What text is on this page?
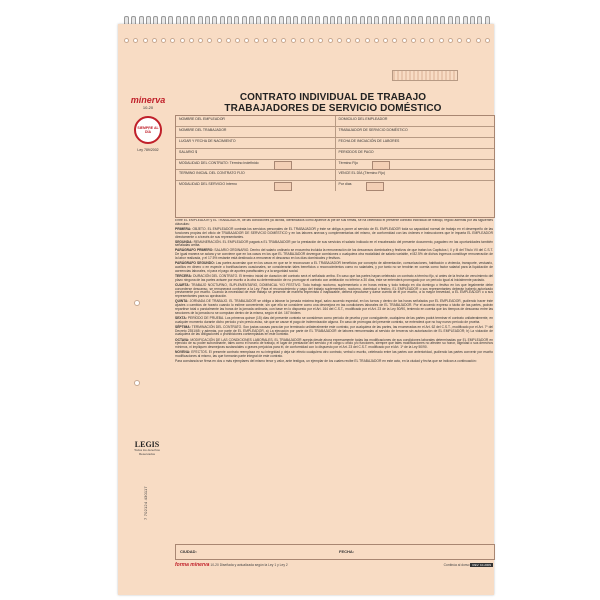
minerva
10-20
SIEMPRE AL DÍA
Ley 789/2002
LEGIS
Todos los derechos Reservados
7 702124 430117
CONTRATO INDIVIDUAL DE TRABAJO
TRABAJADORES DE SERVICIO DOMÉSTICO
NOMBRE DEL EMPLEADOR	DOMICILIO DEL EMPLEADOR
NOMBRE DEL TRABAJADOR	TRABAJADOR DE SERVICIO DOMÉSTICO
LUGAR Y FECHA DE NACIMIENTO	FECHA DE INICIACIÓN DE LABORES
SALARIO $	PERIODOS DE PAGO
MODALIDAD DEL CONTRATO: Término Indefinido	Término Fijo
TERMINO INICIAL DEL CONTRATO FIJO	VENCE EL DÍA (Término Fijo)
MODALIDAD DEL SERVICIO Interno	Por días

Entre EL EMPLEADOR y EL TRABAJADOR, de las condiciones ya dichas, identificados como aparece al pie de sus firmas, se ha celebrado el presente contrato individual de trabajo, regido además por las siguientes cláusulas:

PRIMERA: OBJETO. EL EMPLEADOR contrata los servicios personales de EL TRABAJADOR y éste se obliga a poner al servicio de EL EMPLEADOR toda su capacidad normal de trabajo en el desempeño de las funciones propias del oficio de TRABAJADOR DE SERVICIO DOMÉSTICO y en las labores anexas y complementarias del mismo, de conformidad con las órdenes e instrucciones que le imparta EL EMPLEADOR directamente o a través de sus representantes.

SEGUNDA: REMUNERACIÓN. EL EMPLEADOR pagará a EL TRABAJADOR por la prestación de sus servicios el salario indicado en el encabezado del presente documento, pagadero en las oportunidades también señaladas arriba.

PARÁGRAFO PRIMERO: SALARIO ORDINARIO. Dentro del salario ordinario se encuentra incluida la remuneración de los descansos dominicales y festivos de que tratan los Capítulos I, II y III del Título VII del C.S.T. De igual manera se aclara y se conviene que en los casos en los que EL TRABAJADOR devengue comisiones o cualquiera otra modalidad de salario variable, el 82.5% de dichos ingresos constituye remuneración de la labor realizada, y el 17.5% restante está destinado a remunerar el descanso en los días dominicales y festivos.

PARÁGRAFO SEGUNDO: Las partes acuerdan que en los casos en que se le reconozcan a EL TRABAJADOR beneficios por concepto de alimentación, comunicaciones, habitación o vivienda, transporte, vestuario, auxilios en dinero o en especie o bonificaciones ocasionales, se considerarán tales beneficios o reconocimientos como no salariales, y por tanto no se tendrán en cuenta como factor salarial para la liquidación de acreencias laborales, ni para el pago de aportes parafiscales y a la seguridad social.

TERCERA: DURACIÓN DEL CONTRATO. El término inicial de duración del contrato será el señalado arriba. En caso que las partes hayan celebrado un contrato a término fijo, si antes de la fecha de vencimiento del plazo ninguna de las partes avisare por escrito a la otra su determinación de no prorrogar el contrato con antelación no inferior a 30 días, éste se entenderá prorrogado por un período igual al inicialmente pactado.

CUARTA: TRABAJO NOCTURNO, SUPLEMENTARIO, DOMINICAL Y/O FESTIVO. Todo trabajo nocturno, suplementario o en horas extras y todo trabajo en día domingo o festivo en los que legalmente debe concederse descanso, se remunerará conforme a la Ley. Para el reconocimiento y pago del trabajo suplementario, nocturno, dominical o festivo, EL EMPLEADOR o sus representantes deberán haberlo autorizado previamente por escrito. Cuando la necesidad de este trabajo se presente de manera imprevista o inaplazable, deberá ejecutarse y darse cuenta de él por escrito, a la mayor brevedad, a EL EMPLEADOR o a sus representantes para su aprobación.

QUINTA: JORNADA DE TRABAJO. EL TRABAJADOR se obliga a laborar la jornada máxima legal, salvo acuerdo especial, en los turnos y dentro de las horas señalados por EL EMPLEADOR, pudiendo hacer éste ajustes o cambios de horario cuando lo estime conveniente, sin que ello se considere como una desmejora en las condiciones laborales de EL TRABAJADOR. Por el acuerdo expreso o tácito de las partes, podrán repartirse total o parcialmente las horas de la jornada ordinaria, con base en lo dispuesto por el Art. 164 del C.S.T., modificado por el Art. 23 de la Ley 50/90, teniendo en cuenta que los tiempos de descanso entre las secciones de la jornada no se computan dentro de la misma, según el Art. 167 ibídem.

SEXTA: PERÍODO DE PRUEBA. Los primeros quince (15) días del presente contrato se consideran como período de prueba y por consiguiente, cualquiera de las partes podrá terminar el contrato unilateralmente, en cualquier momento durante dicho período y sin previo aviso, sin que se cause el pago de indemnización alguna. En caso de prórrogas del presente contrato, se entenderá que no hay nuevo período de prueba.

SÉPTIMA: TERMINACIÓN DEL CONTRATO. Son justas causas para dar por terminado unilateralmente este contrato, por cualquiera de las partes, las enumeradas en el Art. 62 del C.S.T., modificado por el Art. 7º del Decreto 2351/65; y además, por parte de EL EMPLEADOR, a) La ejecución por parte de EL TRABAJADOR de labores remuneradas al servicio de terceros sin autorización de EL EMPLEADOR; b) La violación de cualquiera de las obligaciones o prohibiciones contempladas en este contrato.

OCTAVA: MODIFICACIÓN DE LAS CONDICIONES LABORALES. EL TRABAJADOR acepta desde ahora expresamente todas las modificaciones de sus condiciones laborales determinadas por EL EMPLEADOR en ejercicio de su poder subordinante, tales como el horario de trabajo, el lugar de prestación del servicio y el cargo u oficio y/o funciones, siempre que tales modificaciones no afecten su honor, dignidad o sus derechos mínimos, ni impliquen desmejoras sustanciales o graves perjuicios para él, de conformidad con lo dispuesto por el Art. 23 del C.S.T. modificado por el Art. 1º de la Ley 50/90.

NOVENA: EFECTOS. El presente contrato reemplaza en su integridad y deja sin efecto cualquiera otro contrato, verbal o escrito, celebrado entre las partes con anterioridad, pudiendo las partes convenir por escrito modificaciones al mismo, las que formarán parte integral de este contrato.

Para constancia se firma en dos o más ejemplares del mismo tenor y valor, ante testigos, un ejemplar de los cuales recibe EL TRABAJADOR en este acto, en la ciudad y fecha que se indican a continuación:

CIUDAD:	FECHA:
forma minerva 10-20 Diseñada y actualizada según la Ley 1 y Ley 2	Continúa al dorso REV. 10-2009
